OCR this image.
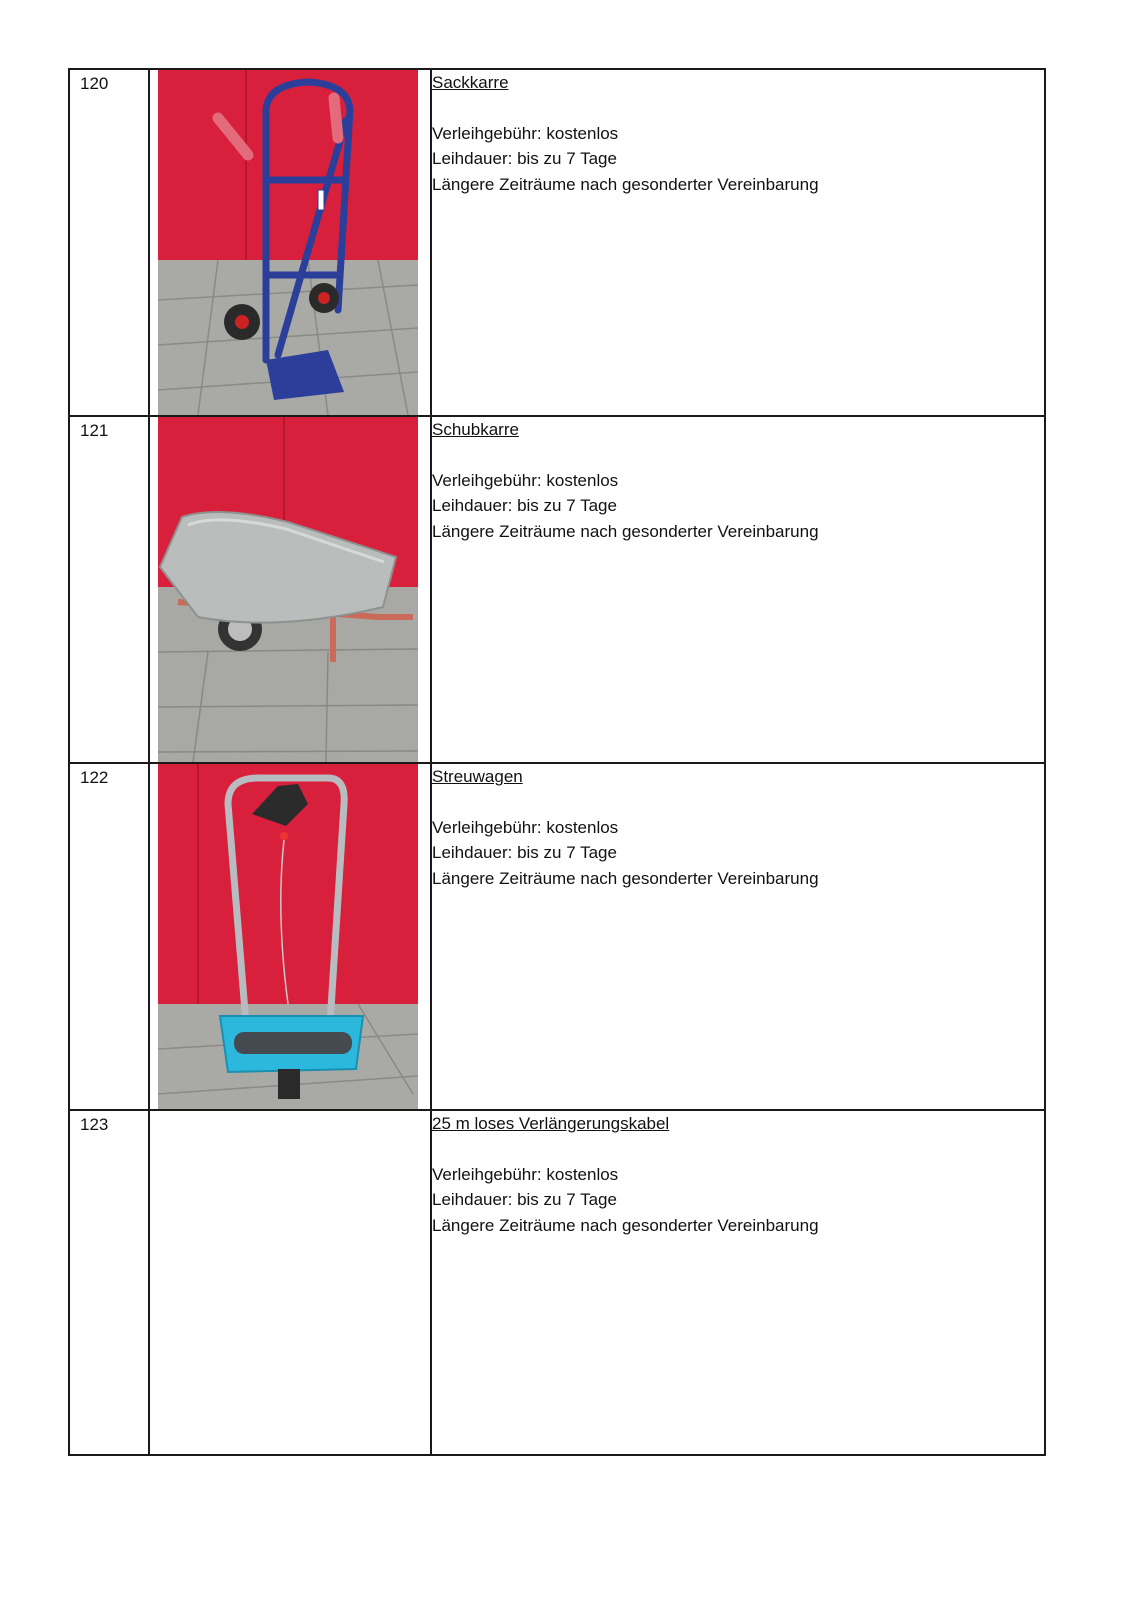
120		Sackkarre
Verleihgebühr: kostenlos
Leihdauer: bis zu 7 Tage
Längere Zeiträume nach gesonderter Vereinbarung

121		Schubkarre
Verleihgebühr: kostenlos
Leihdauer: bis zu 7 Tage
Längere Zeiträume nach gesonderter Vereinbarung

122		Streuwagen
Verleihgebühr: kostenlos
Leihdauer: bis zu 7 Tage
Längere Zeiträume nach gesonderter Vereinbarung

123		25 m loses Verlängerungskabel
Verleihgebühr: kostenlos
Leihdauer: bis zu 7 Tage
Längere Zeiträume nach gesonderter Vereinbarung
